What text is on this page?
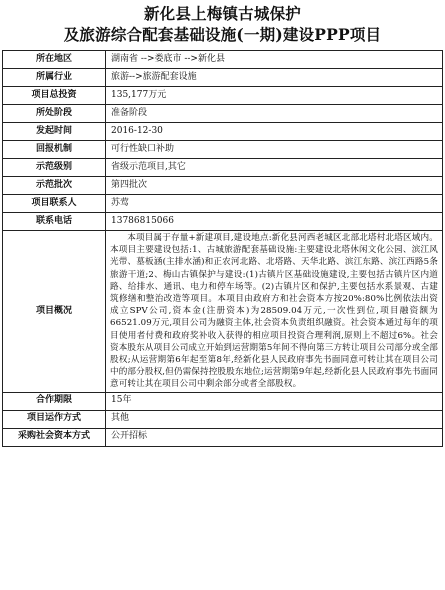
新化县上梅镇古城保护
及旅游综合配套基础设施(一期)建设PPP项目
所在地区	湖南省 -->娄底市 -->新化县
所属行业	旅游-->旅游配套设施
项目总投资	135,177万元
所处阶段	准备阶段
发起时间	2016-12-30
回报机制	可行性缺口补助
示范级别	省级示范项目,其它
示范批次	第四批次
项目联系人	苏莺
联系电话	13786815066
项目概况	本项目属于存量+新建项目,建设地点:新化县河西老城区北部北塔村北塔区域内。本项目主要建设包括:1、古城旅游配套基础设施:主要建设北塔休闲文化公园、滨江风光带、墓板涵(主排水涵)和正农河北路、北塔路、天华北路、滨江东路、滨江西路5条旅游干道;2、梅山古镇保护与建设:(1)古镇片区基础设施建设,主要包括古镇片区内道路、给排水、通讯、电力和停车场等。(2)古镇片区和保护,主要包括水系景观、古建筑修缮和整治改造等项目。本项目由政府方和社会资本方按20%:80%比例依法出资成立SPV公司,资本金(注册资本)为28509.04万元,一次性到位,项目融资额为66521.09万元,项目公司为融资主体,社会资本负责组织融资。社会资本通过每年的项目使用者付费和政府奖补收入获得的相应项目投资合理利润,原则上不超过6%。社会资本股东从项目公司成立开始到运营期第5年间不得向第三方转让项目公司部分或全部股权;从运营期第6年起至第8年,经新化县人民政府事先书面同意可转让其在项目公司中的部分股权,但仍需保持控股股东地位;运营期第9年起,经新化县人民政府事先书面同意可转让其在项目公司中剩余部分或者全部股权。
合作期限	15年
项目运作方式	其他
采购社会资本方式	公开招标
